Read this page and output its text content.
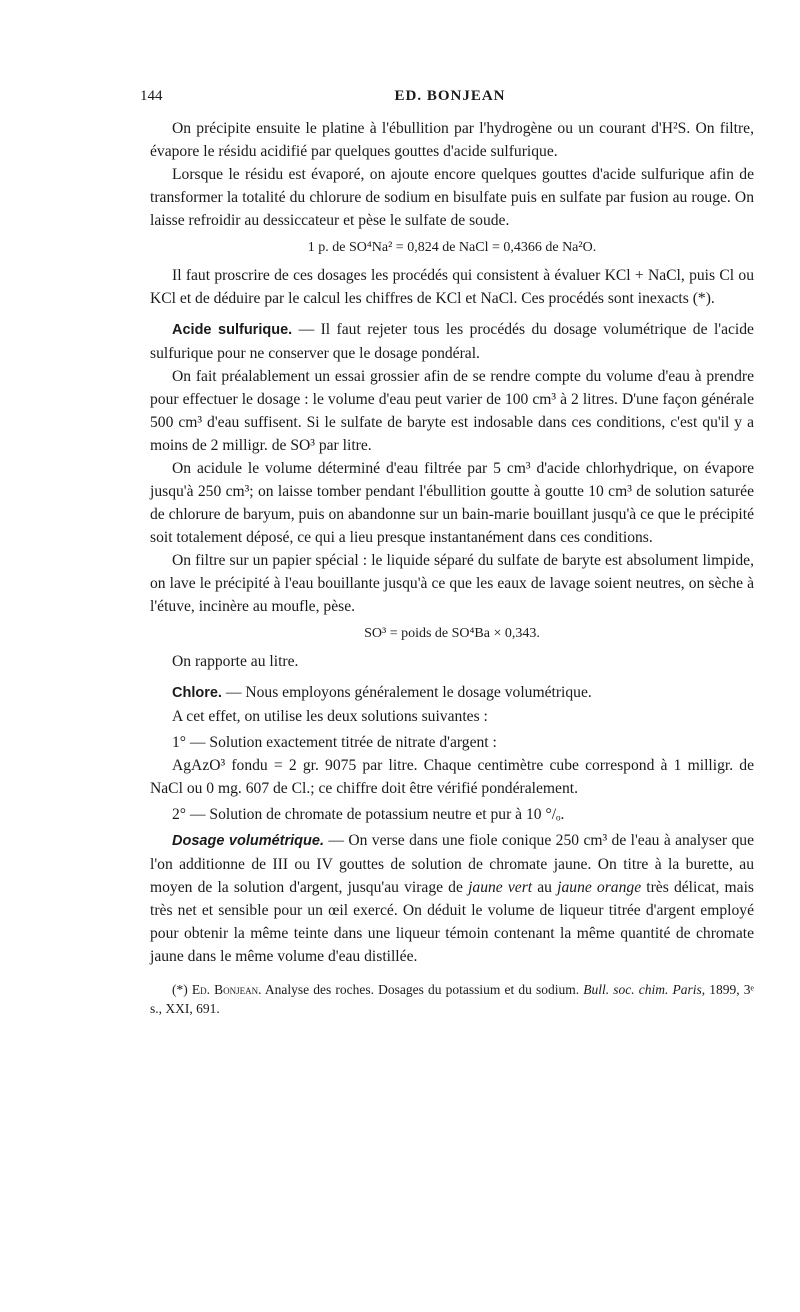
144	ED. BONJEAN

On précipite ensuite le platine à l'ébullition par l'hydrogène ou un courant d'H²S. On filtre, évapore le résidu acidifié par quelques gouttes d'acide sulfurique.

Lorsque le résidu est évaporé, on ajoute encore quelques gouttes d'acide sulfurique afin de transformer la totalité du chlorure de sodium en bisulfate puis en sulfate par fusion au rouge. On laisse refroidir au dessiccateur et pèse le sulfate de soude.

1 p. de SO⁴Na² = 0,824 de NaCl = 0,4366 de Na²O.

Il faut proscrire de ces dosages les procédés qui consistent à évaluer KCl + NaCl, puis Cl ou KCl et de déduire par le calcul les chiffres de KCl et NaCl. Ces procédés sont inexacts (*).

Acide sulfurique. — Il faut rejeter tous les procédés du dosage volumétrique de l'acide sulfurique pour ne conserver que le dosage pondéral.

On fait préalablement un essai grossier afin de se rendre compte du volume d'eau à prendre pour effectuer le dosage : le volume d'eau peut varier de 100 cm³ à 2 litres. D'une façon générale 500 cm³ d'eau suffisent. Si le sulfate de baryte est indosable dans ces conditions, c'est qu'il y a moins de 2 milligr. de SO³ par litre.

On acidule le volume déterminé d'eau filtrée par 5 cm³ d'acide chlorhydrique, on évapore jusqu'à 250 cm³; on laisse tomber pendant l'ébullition goutte à goutte 10 cm³ de solution saturée de chlorure de baryum, puis on abandonne sur un bain-marie bouillant jusqu'à ce que le précipité soit totalement déposé, ce qui a lieu presque instantanément dans ces conditions.

On filtre sur un papier spécial : le liquide séparé du sulfate de baryte est absolument limpide, on lave le précipité à l'eau bouillante jusqu'à ce que les eaux de lavage soient neutres, on sèche à l'étuve, incinère au moufle, pèse.

SO³ = poids de SO⁴Ba × 0,343.

On rapporte au litre.

Chlore. — Nous employons généralement le dosage volumétrique.

A cet effet, on utilise les deux solutions suivantes :

1° — Solution exactement titrée de nitrate d'argent :

AgAzO³ fondu = 2 gr. 9075 par litre. Chaque centimètre cube correspond à 1 milligr. de NaCl ou 0 mg. 607 de Cl.; ce chiffre doit être vérifié pondéralement.

2° — Solution de chromate de potassium neutre et pur à 10 °/ₒ.

Dosage volumétrique. — On verse dans une fiole conique 250 cm³ de l'eau à analyser que l'on additionne de III ou IV gouttes de solution de chromate jaune. On titre à la burette, au moyen de la solution d'argent, jusqu'au virage de jaune vert au jaune orange très délicat, mais très net et sensible pour un œil exercé. On déduit le volume de liqueur titrée d'argent employé pour obtenir la même teinte dans une liqueur témoin contenant la même quantité de chromate jaune dans le même volume d'eau distillée.

(*) Ed. Bonjean. Analyse des roches. Dosages du potassium et du sodium. Bull. soc. chim. Paris, 1899, 3ᵉ s., XXI, 691.
